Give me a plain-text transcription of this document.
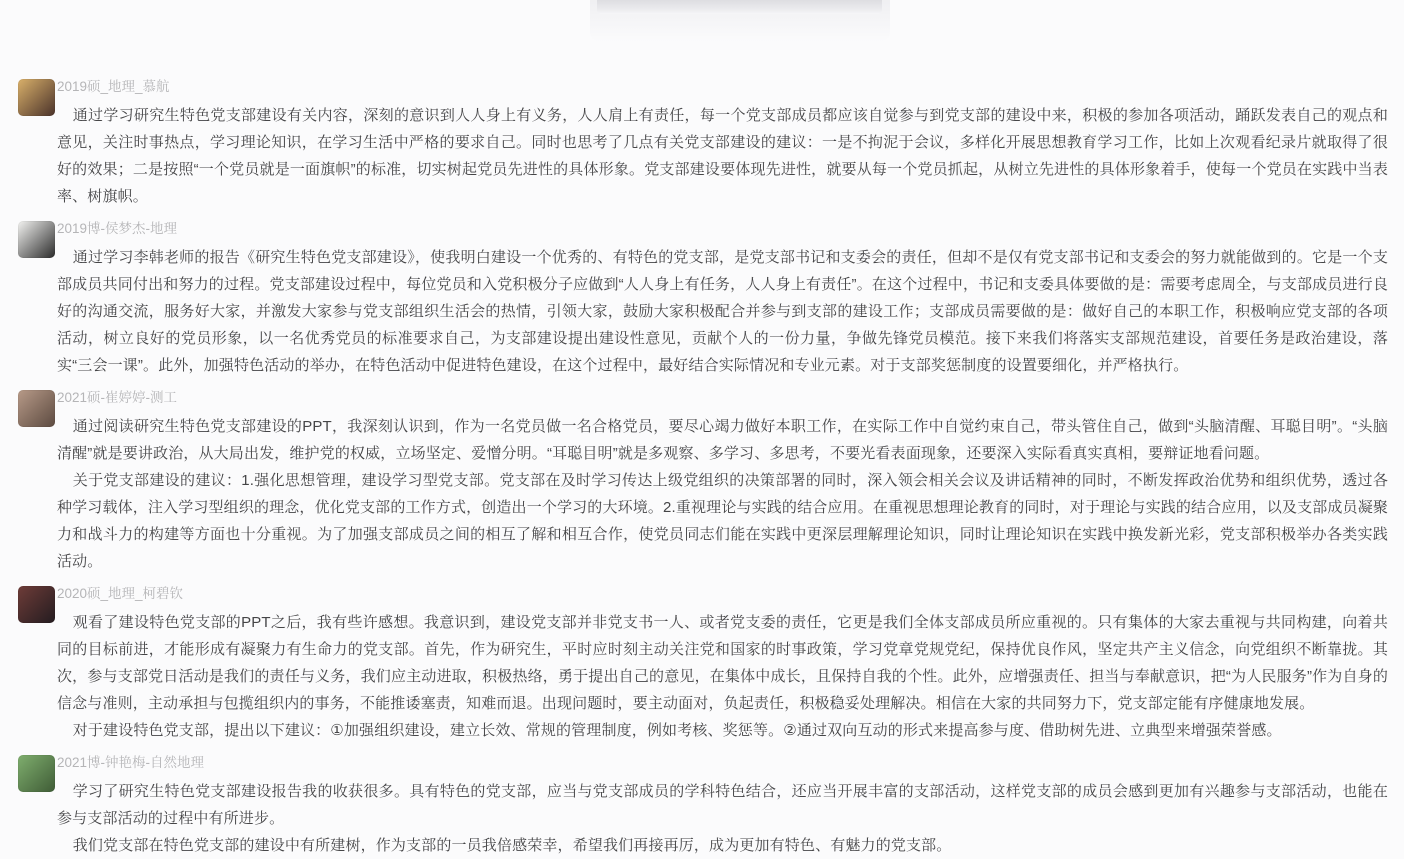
2019硕_地理_慕航

通过学习研究生特色党支部建设有关内容，深刻的意识到人人身上有义务，人人肩上有责任，每一个党支部成员都应该自觉参与到党支部的建设中来，积极的参加各项活动，踊跃发表自己的观点和意见，关注时事热点，学习理论知识，在学习生活中严格的要求自己。同时也思考了几点有关党支部建设的建议：一是不拘泥于会议，多样化开展思想教育学习工作，比如上次观看纪录片就取得了很好的效果；二是按照“一个党员就是一面旗帜”的标准，切实树起党员先进性的具体形象。党支部建设要体现先进性，就要从每一个党员抓起，从树立先进性的具体形象着手，使每一个党员在实践中当表率、树旗帜。

2019博-侯梦杰-地理

通过学习李韩老师的报告《研究生特色党支部建设》，使我明白建设一个优秀的、有特色的党支部，是党支部书记和支委会的责任，但却不是仅有党支部书记和支委会的努力就能做到的。它是一个支部成员共同付出和努力的过程。党支部建设过程中，每位党员和入党积极分子应做到“人人身上有任务，人人身上有责任”。在这个过程中，书记和支委具体要做的是：需要考虑周全，与支部成员进行良好的沟通交流，服务好大家，并激发大家参与党支部组织生活会的热情，引领大家，鼓励大家积极配合并参与到支部的建设工作；支部成员需要做的是：做好自己的本职工作，积极响应党支部的各项活动，树立良好的党员形象，以一名优秀党员的标准要求自己，为支部建设提出建设性意见，贡献个人的一份力量，争做先锋党员模范。接下来我们将落实支部规范建设，首要任务是政治建设，落实“三会一课”。此外，加强特色活动的举办，在特色活动中促进特色建设，在这个过程中，最好结合实际情况和专业元素。对于支部奖惩制度的设置要细化，并严格执行。

2021硕-崔婷婷-测工

通过阅读研究生特色党支部建设的PPT，我深刻认识到，作为一名党员做一名合格党员，要尽心竭力做好本职工作，在实际工作中自觉约束自己，带头管住自己，做到“头脑清醒、耳聪目明”。“头脑清醒”就是要讲政治，从大局出发，维护党的权威，立场坚定、爱憎分明。“耳聪目明”就是多观察、多学习、多思考，不要光看表面现象，还要深入实际看真实真相，要辩证地看问题。

关于党支部建设的建议：1.强化思想管理，建设学习型党支部。党支部在及时学习传达上级党组织的决策部署的同时，深入领会相关会议及讲话精神的同时，不断发挥政治优势和组织优势，透过各种学习载体，注入学习型组织的理念，优化党支部的工作方式，创造出一个学习的大环境。2.重视理论与实践的结合应用。在重视思想理论教育的同时，对于理论与实践的结合应用，以及支部成员凝聚力和战斗力的构建等方面也十分重视。为了加强支部成员之间的相互了解和相互合作，使党员同志们能在实践中更深层理解理论知识，同时让理论知识在实践中换发新光彩，党支部积极举办各类实践活动。

2020硕_地理_柯碧钦

观看了建设特色党支部的PPT之后，我有些许感想。我意识到，建设党支部并非党支书一人、或者党支委的责任，它更是我们全体支部成员所应重视的。只有集体的大家去重视与共同构建，向着共同的目标前进，才能形成有凝聚力有生命力的党支部。首先，作为研究生，平时应时刻主动关注党和国家的时事政策，学习党章党规党纪，保持优良作风，坚定共产主义信念，向党组织不断靠拢。其次，参与支部党日活动是我们的责任与义务，我们应主动进取，积极热络，勇于提出自己的意见，在集体中成长，且保持自我的个性。此外，应增强责任、担当与奉献意识，把“为人民服务”作为自身的信念与准则，主动承担与包揽组织内的事务，不能推诿塞责，知难而退。出现问题时，要主动面对，负起责任，积极稳妥处理解决。相信在大家的共同努力下，党支部定能有序健康地发展。

对于建设特色党支部，提出以下建议：①加强组织建设，建立长效、常规的管理制度，例如考核、奖惩等。②通过双向互动的形式来提高参与度、借助树先进、立典型来增强荣誉感。

2021博-钟艳梅-自然地理

学习了研究生特色党支部建设报告我的收获很多。具有特色的党支部，应当与党支部成员的学科特色结合，还应当开展丰富的支部活动，这样党支部的成员会感到更加有兴趣参与支部活动，也能在参与支部活动的过程中有所进步。

我们党支部在特色党支部的建设中有所建树，作为支部的一员我倍感荣幸，希望我们再接再厉，成为更加有特色、有魅力的党支部。
